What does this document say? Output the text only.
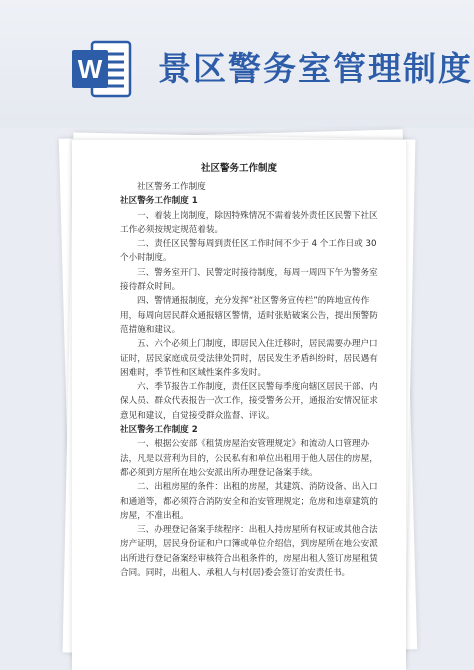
W 景区警务室管理制度
社区警务工作制度

社区警务工作制度

社区警务工作制度 1

一、着装上岗制度，除因特殊情况不需着装外责任区民警下社区工作必须按规定规范着装。

二、责任区民警每周到责任区工作时间不少于 4 个工作日或 30 个小时制度。

三、警务室开门、民警定时接待制度，每周一周四下午为警务室接待群众时间。

四、警情通报制度，充分发挥“社区警务宣传栏”的阵地宣传作用，每周向居民群众通报辖区警情，适时张贴破案公告，提出预警防范措施和建议。

五、六个必须上门制度，即居民入住迁移时，居民需要办理户口证时，居民家庭成员受法律处罚时，居民发生矛盾纠纷时，居民遇有困难时，季节性和区域性案件多发时。

六、季节报告工作制度，责任区民警每季度向辖区居民干部、内保人员、群众代表报告一次工作，接受警务公开，通报治安情况征求意见和建议，自觉接受群众监督、评议。

社区警务工作制度 2

一、根据公安部《租赁房屋治安管理规定》和流动人口管理办法，凡是以营利为目的，公民私有和单位出租用于他人居住的房屋，都必须到方屋所在地公安派出所办理登记备案手续。

二、出租房屋的条件：出租的房屋，其建筑、消防设备、出入口和通道等，都必须符合消防安全和治安管理规定；危房和违章建筑的房屋，不准出租。

三、办理登记备案手续程序：出租人持房屋所有权证或其他合法房产证明，居民身份证和户口簿或单位介绍信，到房屋所在地公安派出所进行登记备案经审核符合出租条件的，房屋出租人签订房屋租赁合同。同时，出租人、承租人与村(居)委会签订治安责任书。
